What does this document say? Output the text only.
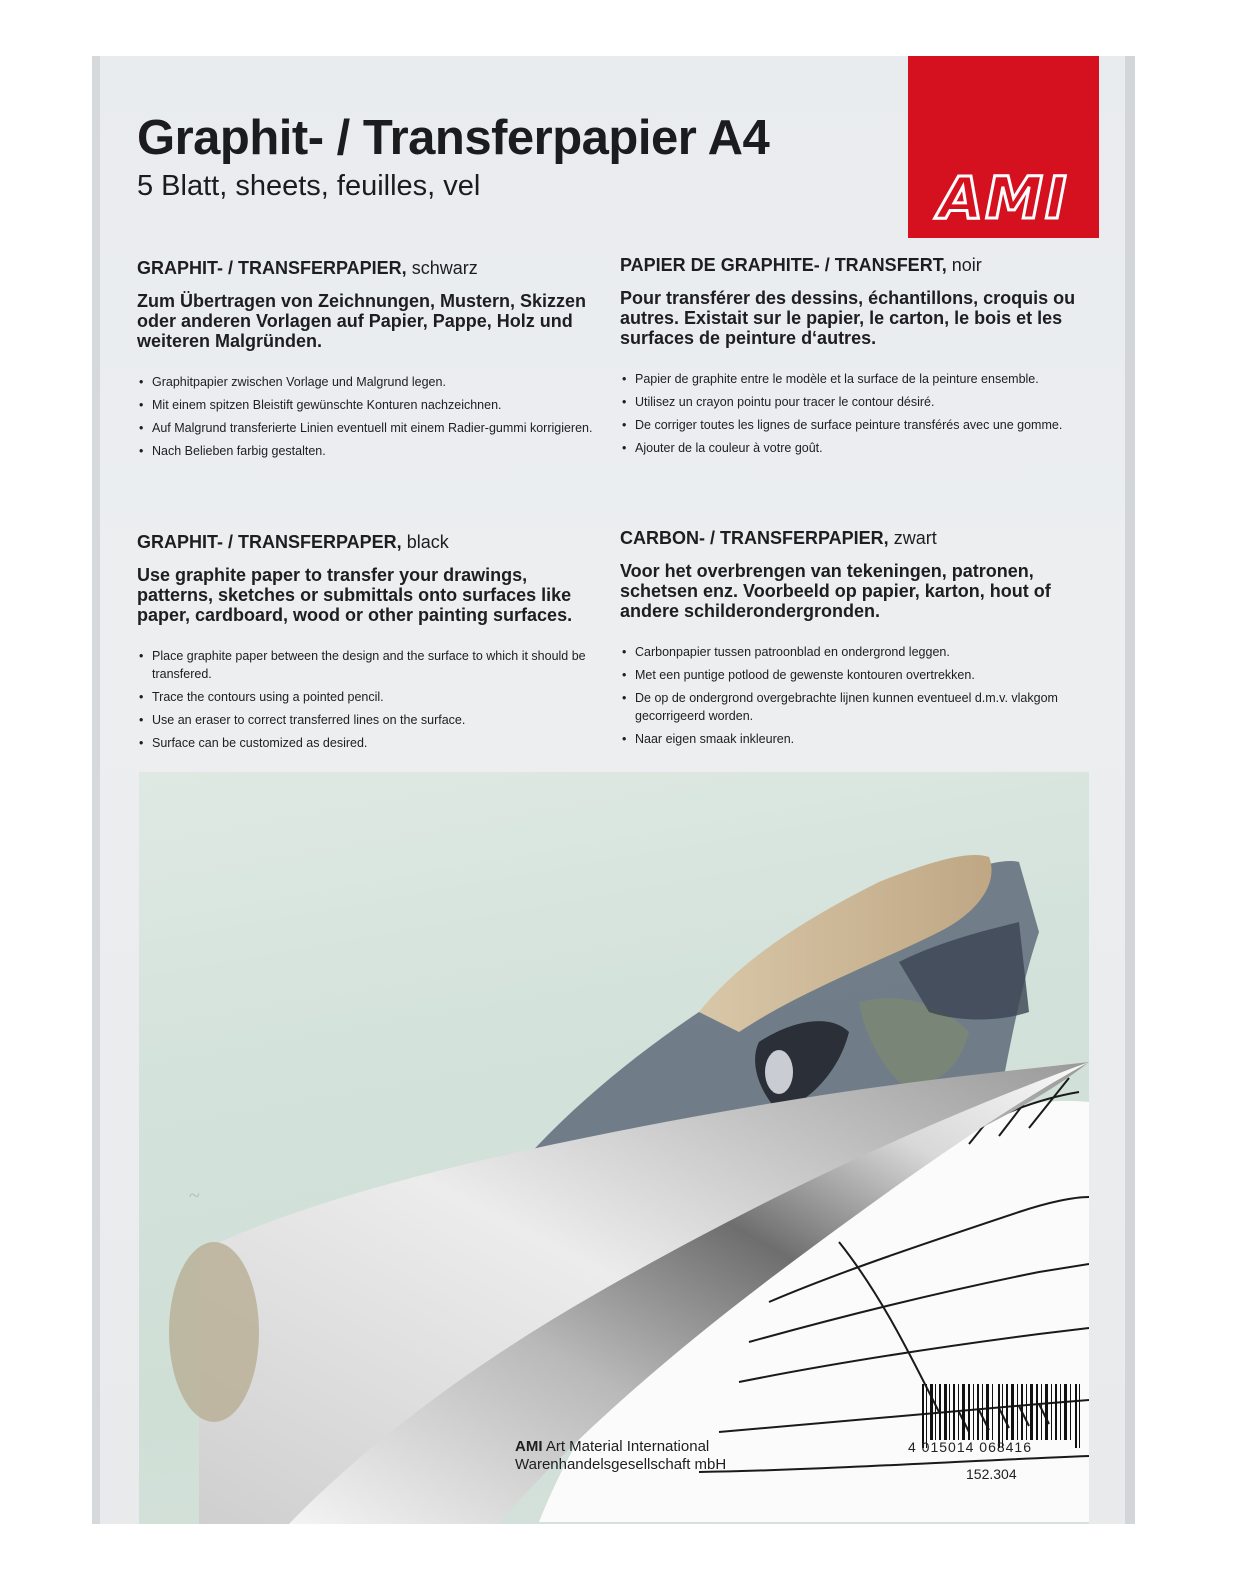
Graphit- / Transferpapier A4
5 Blatt, sheets, feuilles, vel	AMI
GRAPHIT- / TRANSFERPAPIER, schwarz
Zum Übertragen von Zeichnungen, Mustern, Skizzen oder anderen Vorlagen auf Papier, Pappe, Holz und weiteren Malgründen.
• Graphitpapier zwischen Vorlage und Malgrund legen.
• Mit einem spitzen Bleistift gewünschte Konturen nachzeichnen.
• Auf Malgrund transferierte Linien eventuell mit einem Radier-gummi korrigieren.
• Nach Belieben farbig gestalten.
PAPIER DE GRAPHITE- / TRANSFERT, noir
Pour transférer des dessins, échantillons, croquis ou autres. Existait sur le papier, le carton, le bois et les surfaces de peinture d‘autres.
• Papier de graphite entre le modèle et la surface de la peinture ensemble.
• Utilisez un crayon pointu pour tracer le contour désiré.
• De corriger toutes les lignes de surface peinture transférés avec une gomme.
• Ajouter de la couleur à votre goût.
GRAPHIT- / TRANSFERPAPER, black
Use graphite paper to transfer your drawings, patterns, sketches or submittals onto surfaces like paper, cardboard, wood or other painting surfaces.
• Place graphite paper between the design and the surface to which it should be transfered.
• Trace the contours using a pointed pencil.
• Use an eraser to correct transferred lines on the surface.
• Surface can be customized as desired.
CARBON- / TRANSFERPAPIER, zwart
Voor het overbrengen van tekeningen, patronen, schetsen enz. Voorbeeld op papier, karton, hout of andere schilderondergronden.
• Carbonpapier tussen patroonblad en ondergrond leggen.
• Met een puntige potlood de gewenste kontouren overtrekken.
• De op de ondergrond overgebrachte lijnen kunnen eventueel d.m.v. vlakgom gecorrigeerd worden.
• Naar eigen smaak inkleuren.
~
4 015014 068416
152.304
AMI Art Material International
Warenhandelsgesellschaft mbH
